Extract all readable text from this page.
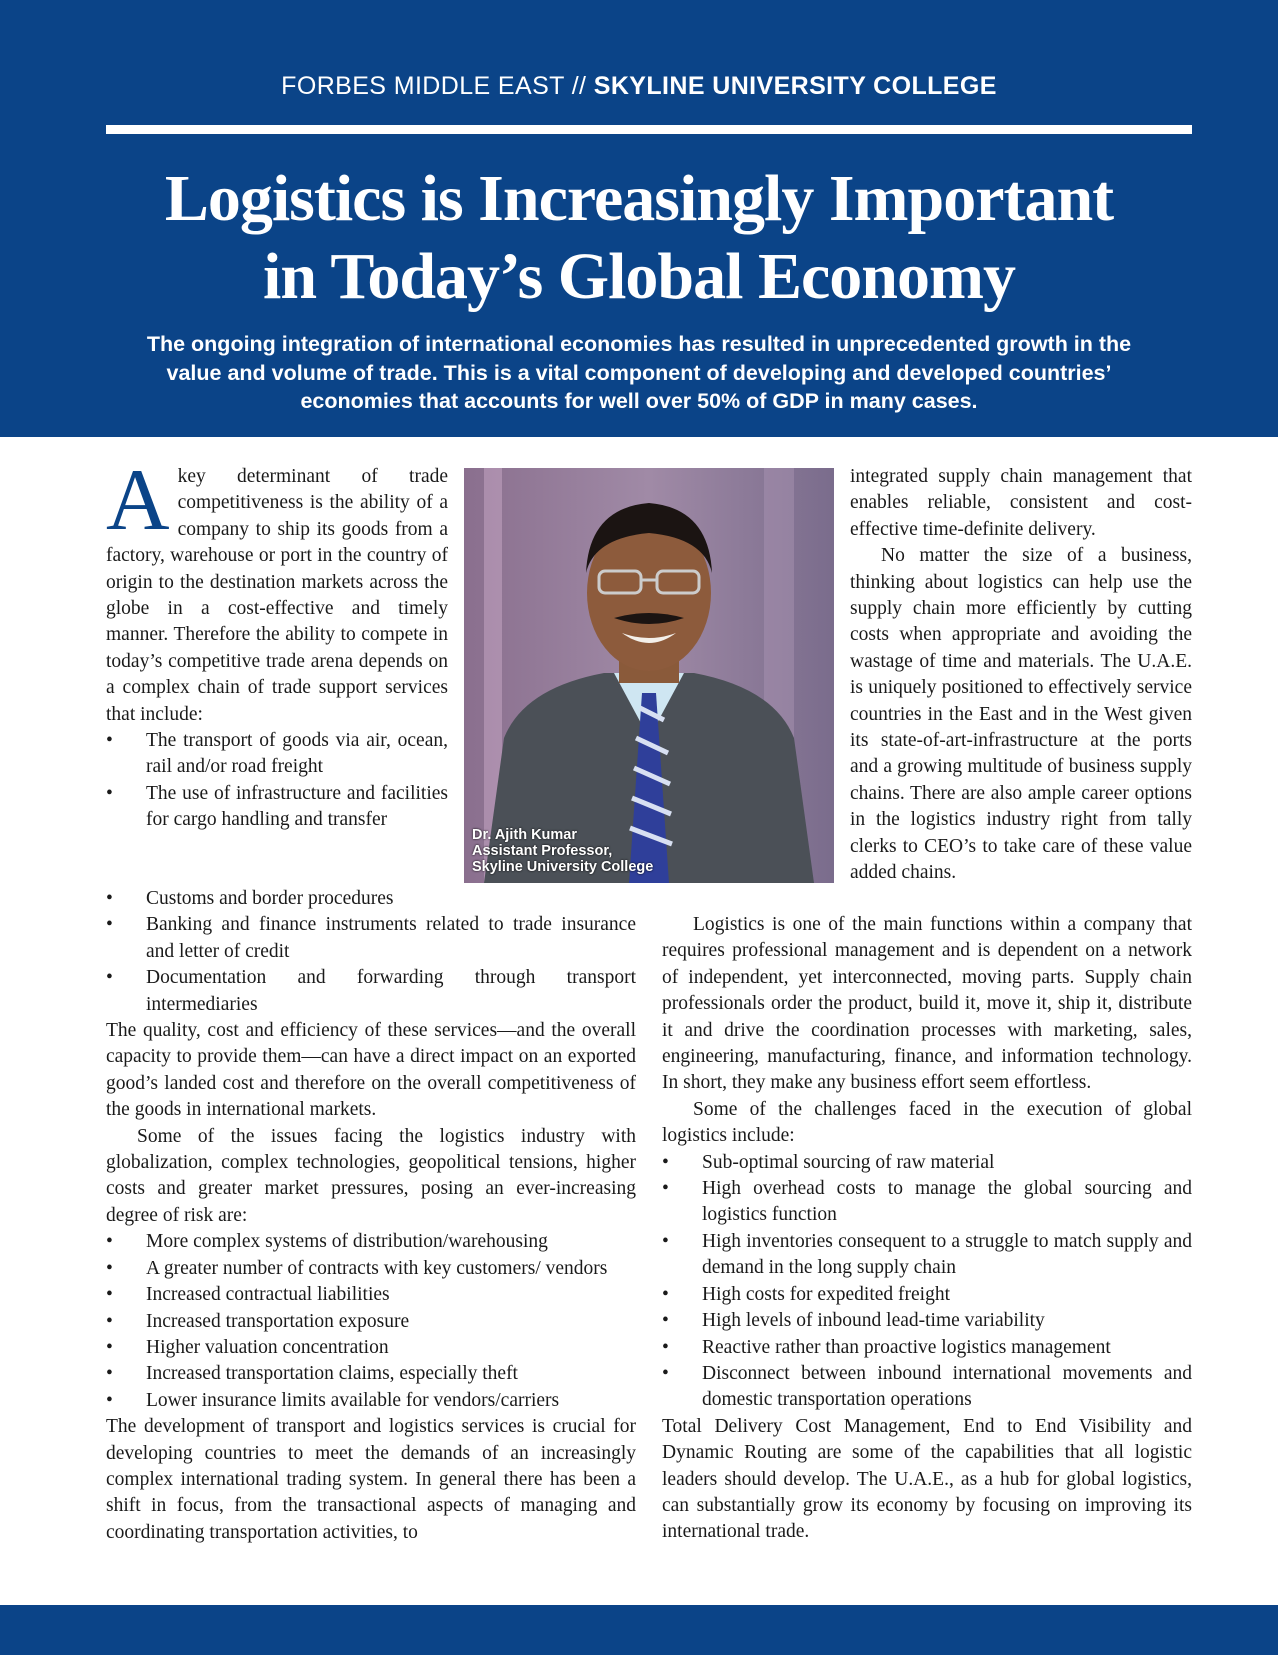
FORBES MIDDLE EAST // SKYLINE UNIVERSITY COLLEGE
Logistics is Increasingly Important
in Today’s Global Economy
The ongoing integration of international economies has resulted in unprecedented growth in the value and volume of trade. This is a vital component of developing and developed countries’ economies that accounts for well over 50% of GDP in many cases.

Akey determinant of trade competitiveness is the ability of a company to ship its goods from a factory, warehouse or port in the country of origin to the destination markets across the globe in a cost-effective and timely manner. Therefore the ability to compete in today’s competitive trade arena depends on a complex chain of trade support services that include:

• The transport of goods via air, ocean, rail and/or road freight
• The use of infrastructure and facilities for cargo handling and transfer
Dr. Ajith Kumar
Assistant Professor,
Skyline University College
• Customs and border procedures
• Banking and finance instruments related to trade insurance and letter of credit
• Documentation and forwarding through transport intermediaries

The quality, cost and efficiency of these services—and the overall capacity to provide them—can have a direct impact on an exported good’s landed cost and therefore on the overall competitiveness of the goods in international markets.

Some of the issues facing the logistics industry with globalization, complex technologies, geopolitical tensions, higher costs and greater market pressures, posing an ever-increasing degree of risk are:

• More complex systems of distribution/warehousing
• A greater number of contracts with key customers/ vendors
• Increased contractual liabilities
• Increased transportation exposure
• Higher valuation concentration
• Increased transportation claims, especially theft
• Lower insurance limits available for vendors/carriers

The development of transport and logistics services is crucial for developing countries to meet the demands of an increasingly complex international trading system. In general there has been a shift in focus, from the transactional aspects of managing and coordinating transportation activities, to

integrated supply chain management that enables reliable, consistent and cost-effective time-definite delivery.

No matter the size of a business, thinking about logistics can help use the supply chain more efficiently by cutting costs when appropriate and avoiding the wastage of time and materials. The U.A.E. is uniquely positioned to effectively service countries in the East and in the West given its state-of-art-infrastructure at the ports and a growing multitude of business supply chains. There are also ample career options in the logistics industry right from tally clerks to CEO’s to take care of these value added chains.

Logistics is one of the main functions within a company that requires professional management and is dependent on a network of independent, yet interconnected, moving parts. Supply chain professionals order the product, build it, move it, ship it, distribute it and drive the coordination processes with marketing, sales, engineering, manufacturing, finance, and information technology. In short, they make any business effort seem effortless.

Some of the challenges faced in the execution of global logistics include:

• Sub-optimal sourcing of raw material
• High overhead costs to manage the global sourcing and logistics function
• High inventories consequent to a struggle to match supply and demand in the long supply chain
• High costs for expedited freight
• High levels of inbound lead-time variability
• Reactive rather than proactive logistics management
• Disconnect between inbound international movements and domestic transportation operations

Total Delivery Cost Management, End to End Visibility and Dynamic Routing are some of the capabilities that all logistic leaders should develop. The U.A.E., as a hub for global logistics, can substantially grow its economy by focusing on improving its international trade.
